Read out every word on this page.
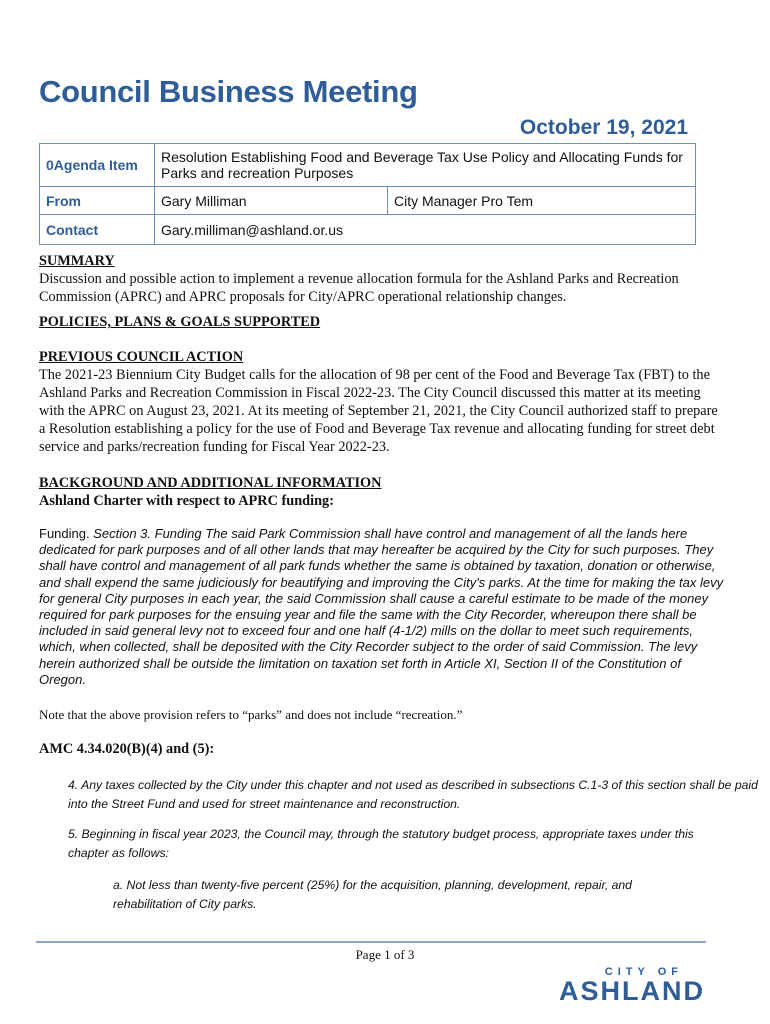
Council Business Meeting
October 19, 2021
0Agenda Item	Resolution Establishing Food and Beverage Tax Use Policy and Allocating Funds for Parks and recreation Purposes	
From	Gary Milliman	City Manager Pro Tem
Contact	Gary.milliman@ashland.or.us	

SUMMARY

Discussion and possible action to implement a revenue allocation formula for the Ashland Parks and Recreation Commission (APRC) and APRC proposals for City/APRC operational relationship changes.

POLICIES, PLANS & GOALS SUPPORTED

PREVIOUS COUNCIL ACTION

The 2021-23 Biennium City Budget calls for the allocation of 98 per cent of the Food and Beverage Tax (FBT) to the Ashland Parks and Recreation Commission in Fiscal 2022-23. The City Council discussed this matter at its meeting with the APRC on August 23, 2021. At its meeting of September 21, 2021, the City Council authorized staff to prepare a Resolution establishing a policy for the use of Food and Beverage Tax revenue and allocating funding for street debt service and parks/recreation funding for Fiscal Year 2022-23.

BACKGROUND AND ADDITIONAL INFORMATION

Ashland Charter with respect to APRC funding:

Funding. Section 3. Funding The said Park Commission shall have control and management of all the lands here dedicated for park purposes and of all other lands that may hereafter be acquired by the City for such purposes. They shall have control and management of all park funds whether the same is obtained by taxation, donation or otherwise, and shall expend the same judiciously for beautifying and improving the City's parks. At the time for making the tax levy for general City purposes in each year, the said Commission shall cause a careful estimate to be made of the money required for park purposes for the ensuing year and file the same with the City Recorder, whereupon there shall be included in said general levy not to exceed four and one half (4-1/2) mills on the dollar to meet such requirements, which, when collected, shall be deposited with the City Recorder subject to the order of said Commission. The levy herein authorized shall be outside the limitation on taxation set forth in Article XI, Section II of the Constitution of Oregon.
Note that the above provision refers to “parks” and does not include “recreation.”
AMC 4.34.020(B)(4) and (5):
4. Any taxes collected by the City under this chapter and not used as described in subsections C.1-3 of this section shall be paid into the Street Fund and used for street maintenance and reconstruction.
5. Beginning in fiscal year 2023, the Council may, through the statutory budget process, appropriate taxes under this chapter as follows:
a. Not less than twenty-five percent (25%) for the acquisition, planning, development, repair, and rehabilitation of City parks.
Page 1 of 3
CITY OF
ASHLAND
